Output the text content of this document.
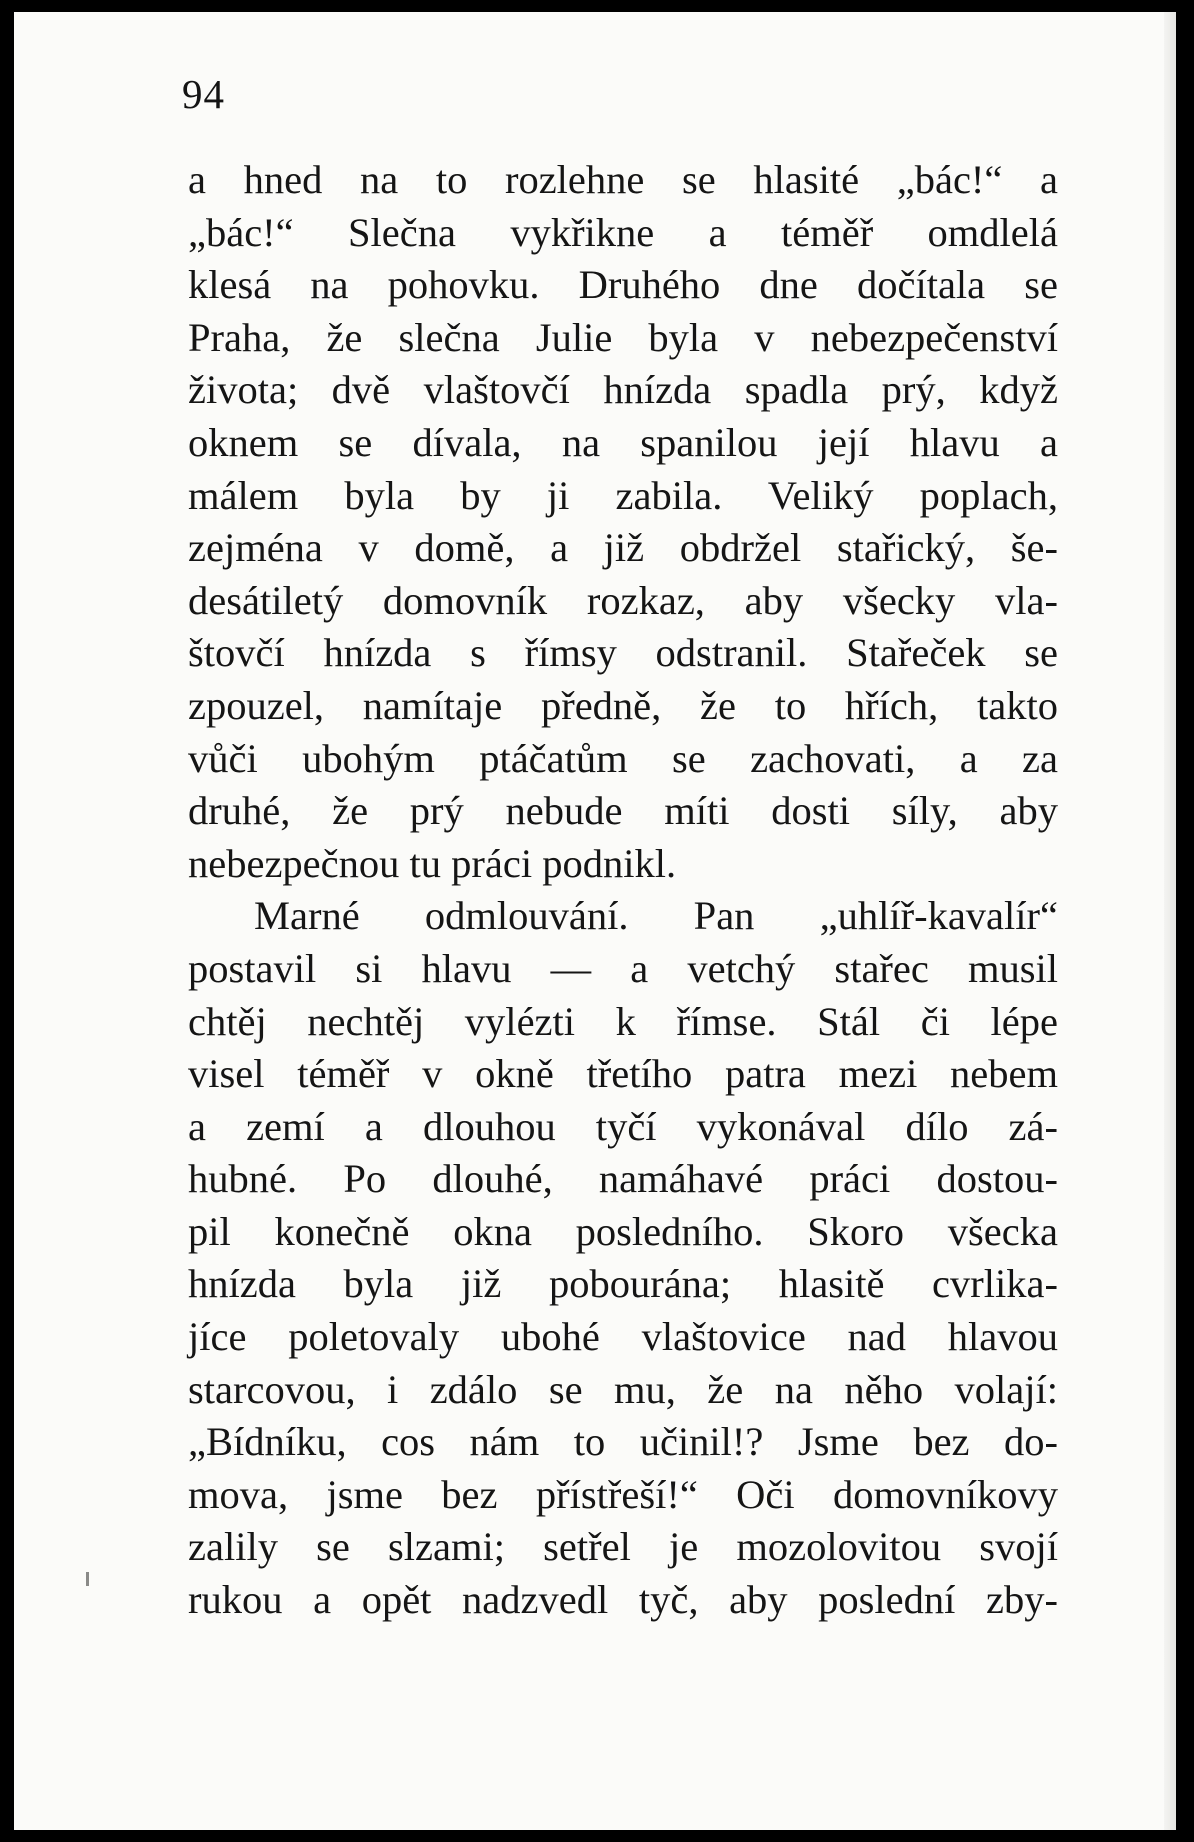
94
a hned na to rozlehne se hlasité „bác!“ a
„bác!“ Slečna vykřikne a téměř omdlelá
klesá na pohovku. Druhého dne dočítala se
Praha, že slečna Julie byla v nebezpečenství
života; dvě vlaštovčí hnízda spadla prý, když
oknem se dívala, na spanilou její hlavu a
málem byla by ji zabila. Veliký poplach,
zejména v domě, a již obdržel stařický, še-
desátiletý domovník rozkaz, aby všecky vla-
štovčí hnízda s římsy odstranil. Stařeček se
zpouzel, namítaje předně, že to hřích, takto
vůči ubohým ptáčatům se zachovati, a za
druhé, že prý nebude míti dosti síly, aby
nebezpečnou tu práci podnikl.
Marné odmlouvání. Pan „uhlíř-kavalír“
postavil si hlavu — a vetchý stařec musil
chtěj nechtěj vylézti k římse. Stál či lépe
visel téměř v okně třetího patra mezi nebem
a zemí a dlouhou tyčí vykonával dílo zá-
hubné. Po dlouhé, namáhavé práci dostou-
pil konečně okna posledního. Skoro všecka
hnízda byla již pobourána; hlasitě cvrlika-
jíce poletovaly ubohé vlaštovice nad hlavou
starcovou, i zdálo se mu, že na něho volají:
„Bídníku, cos nám to učinil!? Jsme bez do-
mova, jsme bez přístřeší!“ Oči domovníkovy
zalily se slzami; setřel je mozolovitou svojí
rukou a opět nadzvedl tyč, aby poslední zby-
